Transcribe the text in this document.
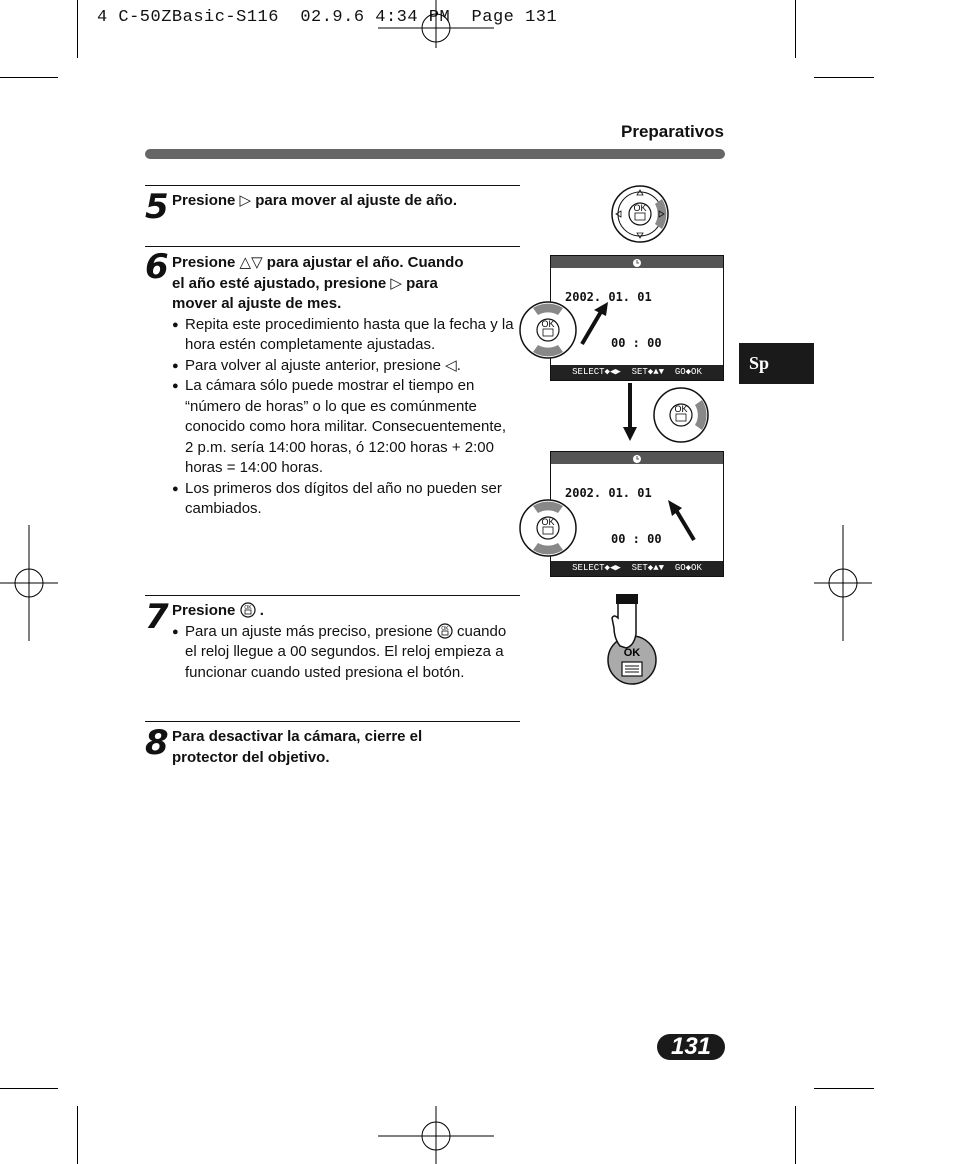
4 C-50ZBasic-S116  02.9.6 4:34 PM  Page 131
Preparativos
Sp
5 Presione ▷ para mover al ajuste de año.
6 Presione △▽ para ajustar el año. Cuando
el año esté ajustado, presione ▷ para
mover al ajuste de mes.
● Repita este procedimiento hasta que la fecha y la hora estén completamente ajustadas.
● Para volver al ajuste anterior, presione ◁.
● La cámara sólo puede mostrar el tiempo en “número de horas” o lo que es comúnmente conocido como hora militar. Consecuentemente, 2 p.m. sería 14:00 horas, ó 12:00 horas + 2:00 horas = 14:00 horas.
● Los primeros dos dígitos del año no pueden ser cambiados.
7 Presione OK .
● Para un ajuste más preciso, presione OK cuando el reloj llegue a 00 segundos. El reloj empieza a funcionar cuando usted presiona el botón.
8 Para desactivar la cámara, cierre el protector del objetivo.
OK
2002. 01. 01
00 : 00
SELECT◆◀▶  SET◆▲▼  GO◆OK
OK
OK
2002. 01. 01
00 : 00
SELECT◆◀▶  SET◆▲▼  GO◆OK
OK
OK
131
